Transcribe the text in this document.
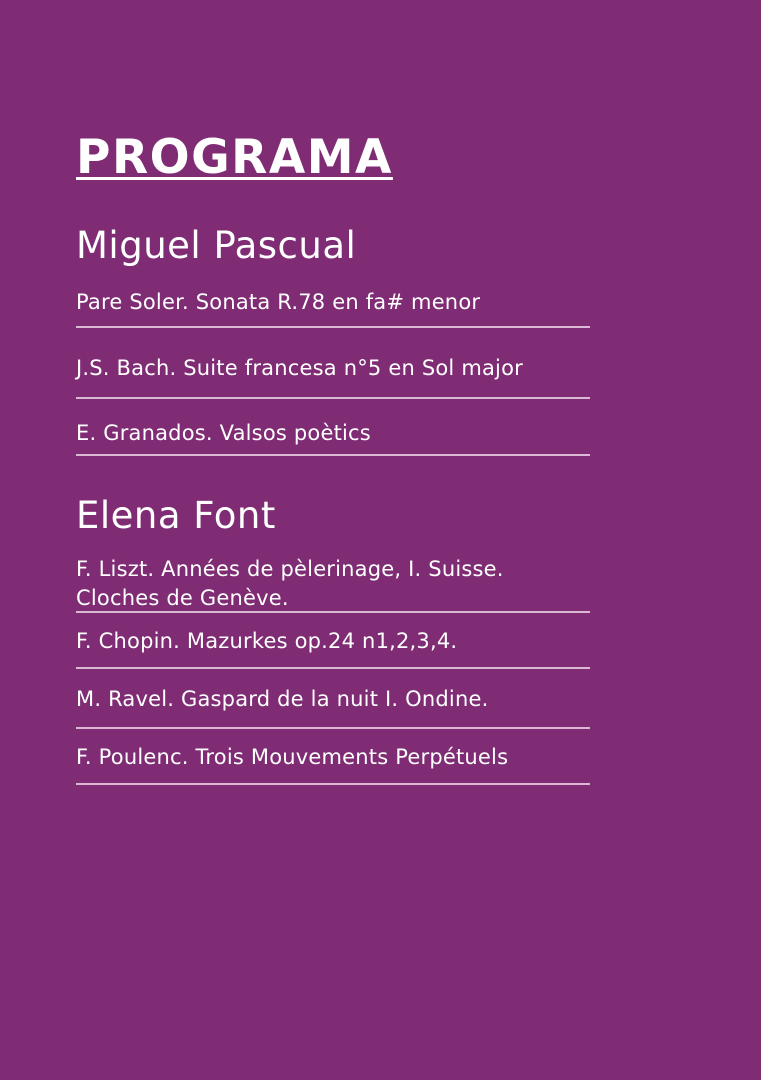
PROGRAMA
Miguel Pascual
Pare Soler. Sonata R.78 en fa# menor
J.S. Bach. Suite francesa n°5 en Sol major
E. Granados. Valsos poètics
Elena Font
F. Liszt. Années de pèlerinage, I. Suisse. Cloches de Genève.
F. Chopin. Mazurkes op.24 n1,2,3,4.
M. Ravel. Gaspard de la nuit I. Ondine.
F. Poulenc. Trois Mouvements Perpétuels
